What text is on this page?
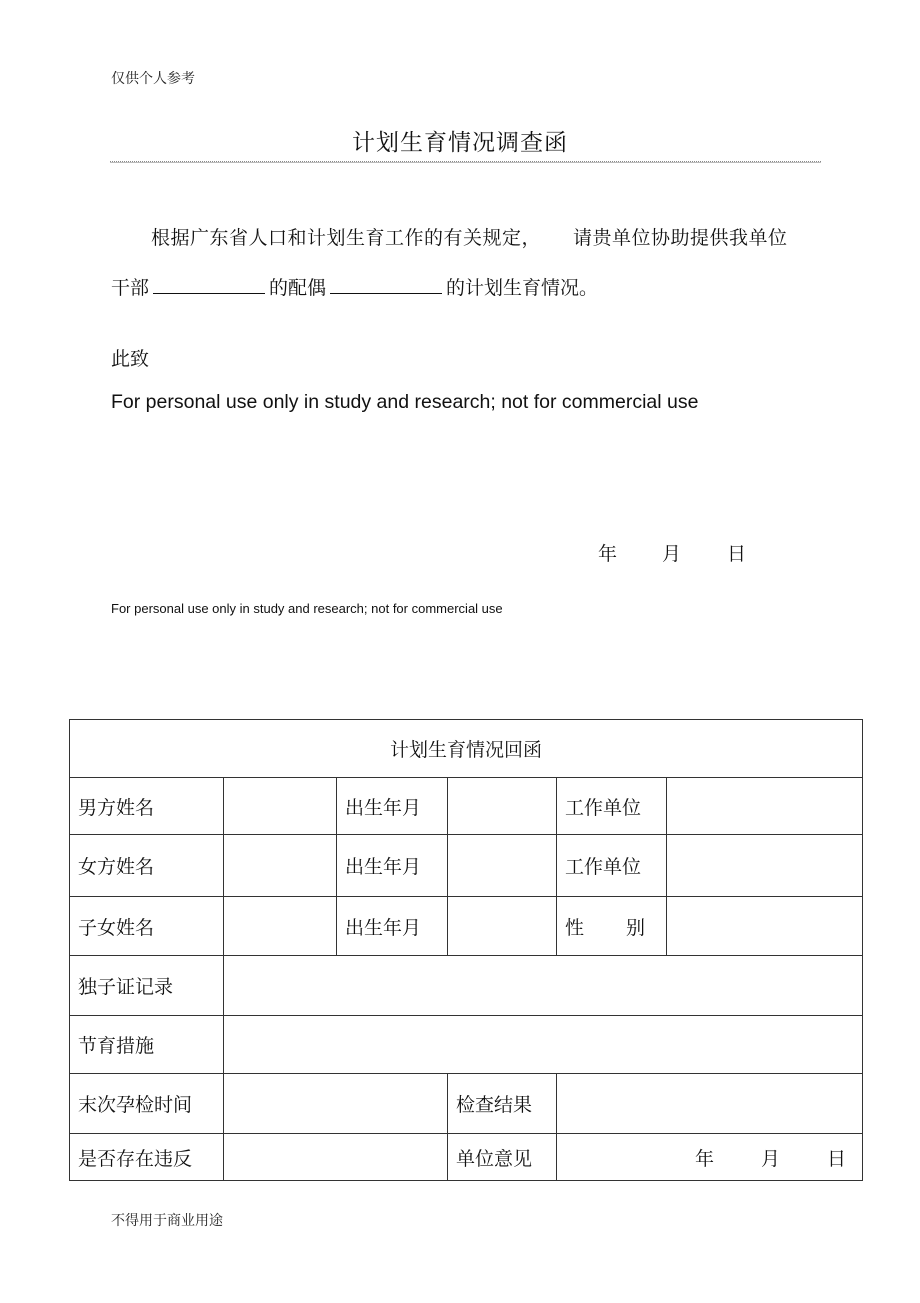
仅供个人参考
计划生育情况调查函
根据广东省人口和计划生育工作的有关规定， 请贵单位协助提供我单位
干部	的配偶	的计划生育情况。
此致
For personal use only in study and research; not for commercial use
年 月 日
For personal use only in study and research; not for commercial use
计划生育情况回函					
男方姓名		出生年月		工作单位	
女方姓名		出生年月		工作单位	
子女姓名		出生年月		性 别	

独子证记录					
节育措施					
末次孕检时间			检查结果		
是否存在违反			单位意见	年 月 日	
不得用于商业用途
